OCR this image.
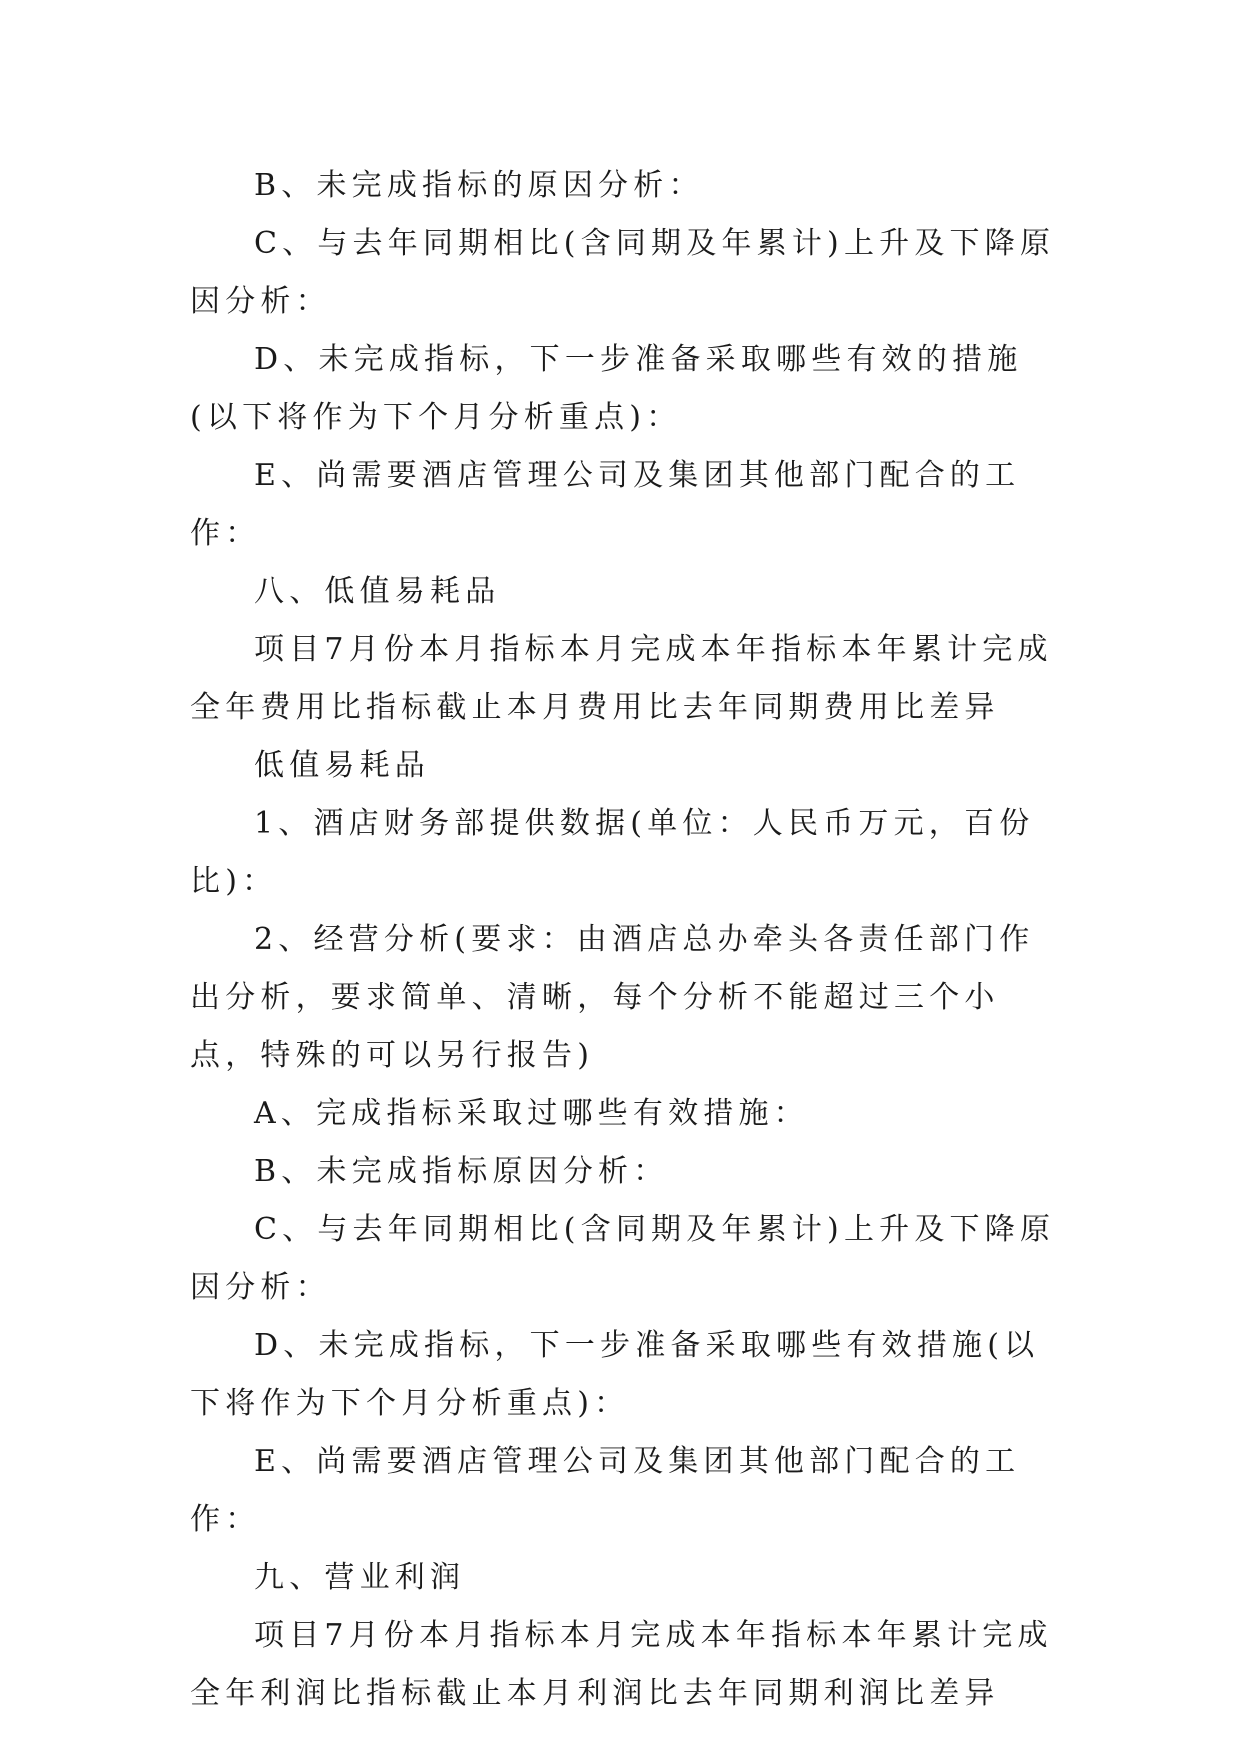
B、未完成指标的原因分析：

C、与去年同期相比(含同期及年累计)上升及下降原因分析：

D、未完成指标，下一步准备采取哪些有效的措施(以下将作为下个月分析重点)：

E、尚需要酒店管理公司及集团其他部门配合的工作：

八、低值易耗品

项目7月份本月指标本月完成本年指标本年累计完成全年费用比指标截止本月费用比去年同期费用比差异

低值易耗品

1、酒店财务部提供数据(单位：人民币万元，百份比)：

2、经营分析(要求：由酒店总办牵头各责任部门作出分析，要求简单、清晰，每个分析不能超过三个小点，特殊的可以另行报告)

A、完成指标采取过哪些有效措施：

B、未完成指标原因分析：

C、与去年同期相比(含同期及年累计)上升及下降原因分析：

D、未完成指标，下一步准备采取哪些有效措施(以下将作为下个月分析重点)：

E、尚需要酒店管理公司及集团其他部门配合的工作：

九、营业利润

项目7月份本月指标本月完成本年指标本年累计完成全年利润比指标截止本月利润比去年同期利润比差异
